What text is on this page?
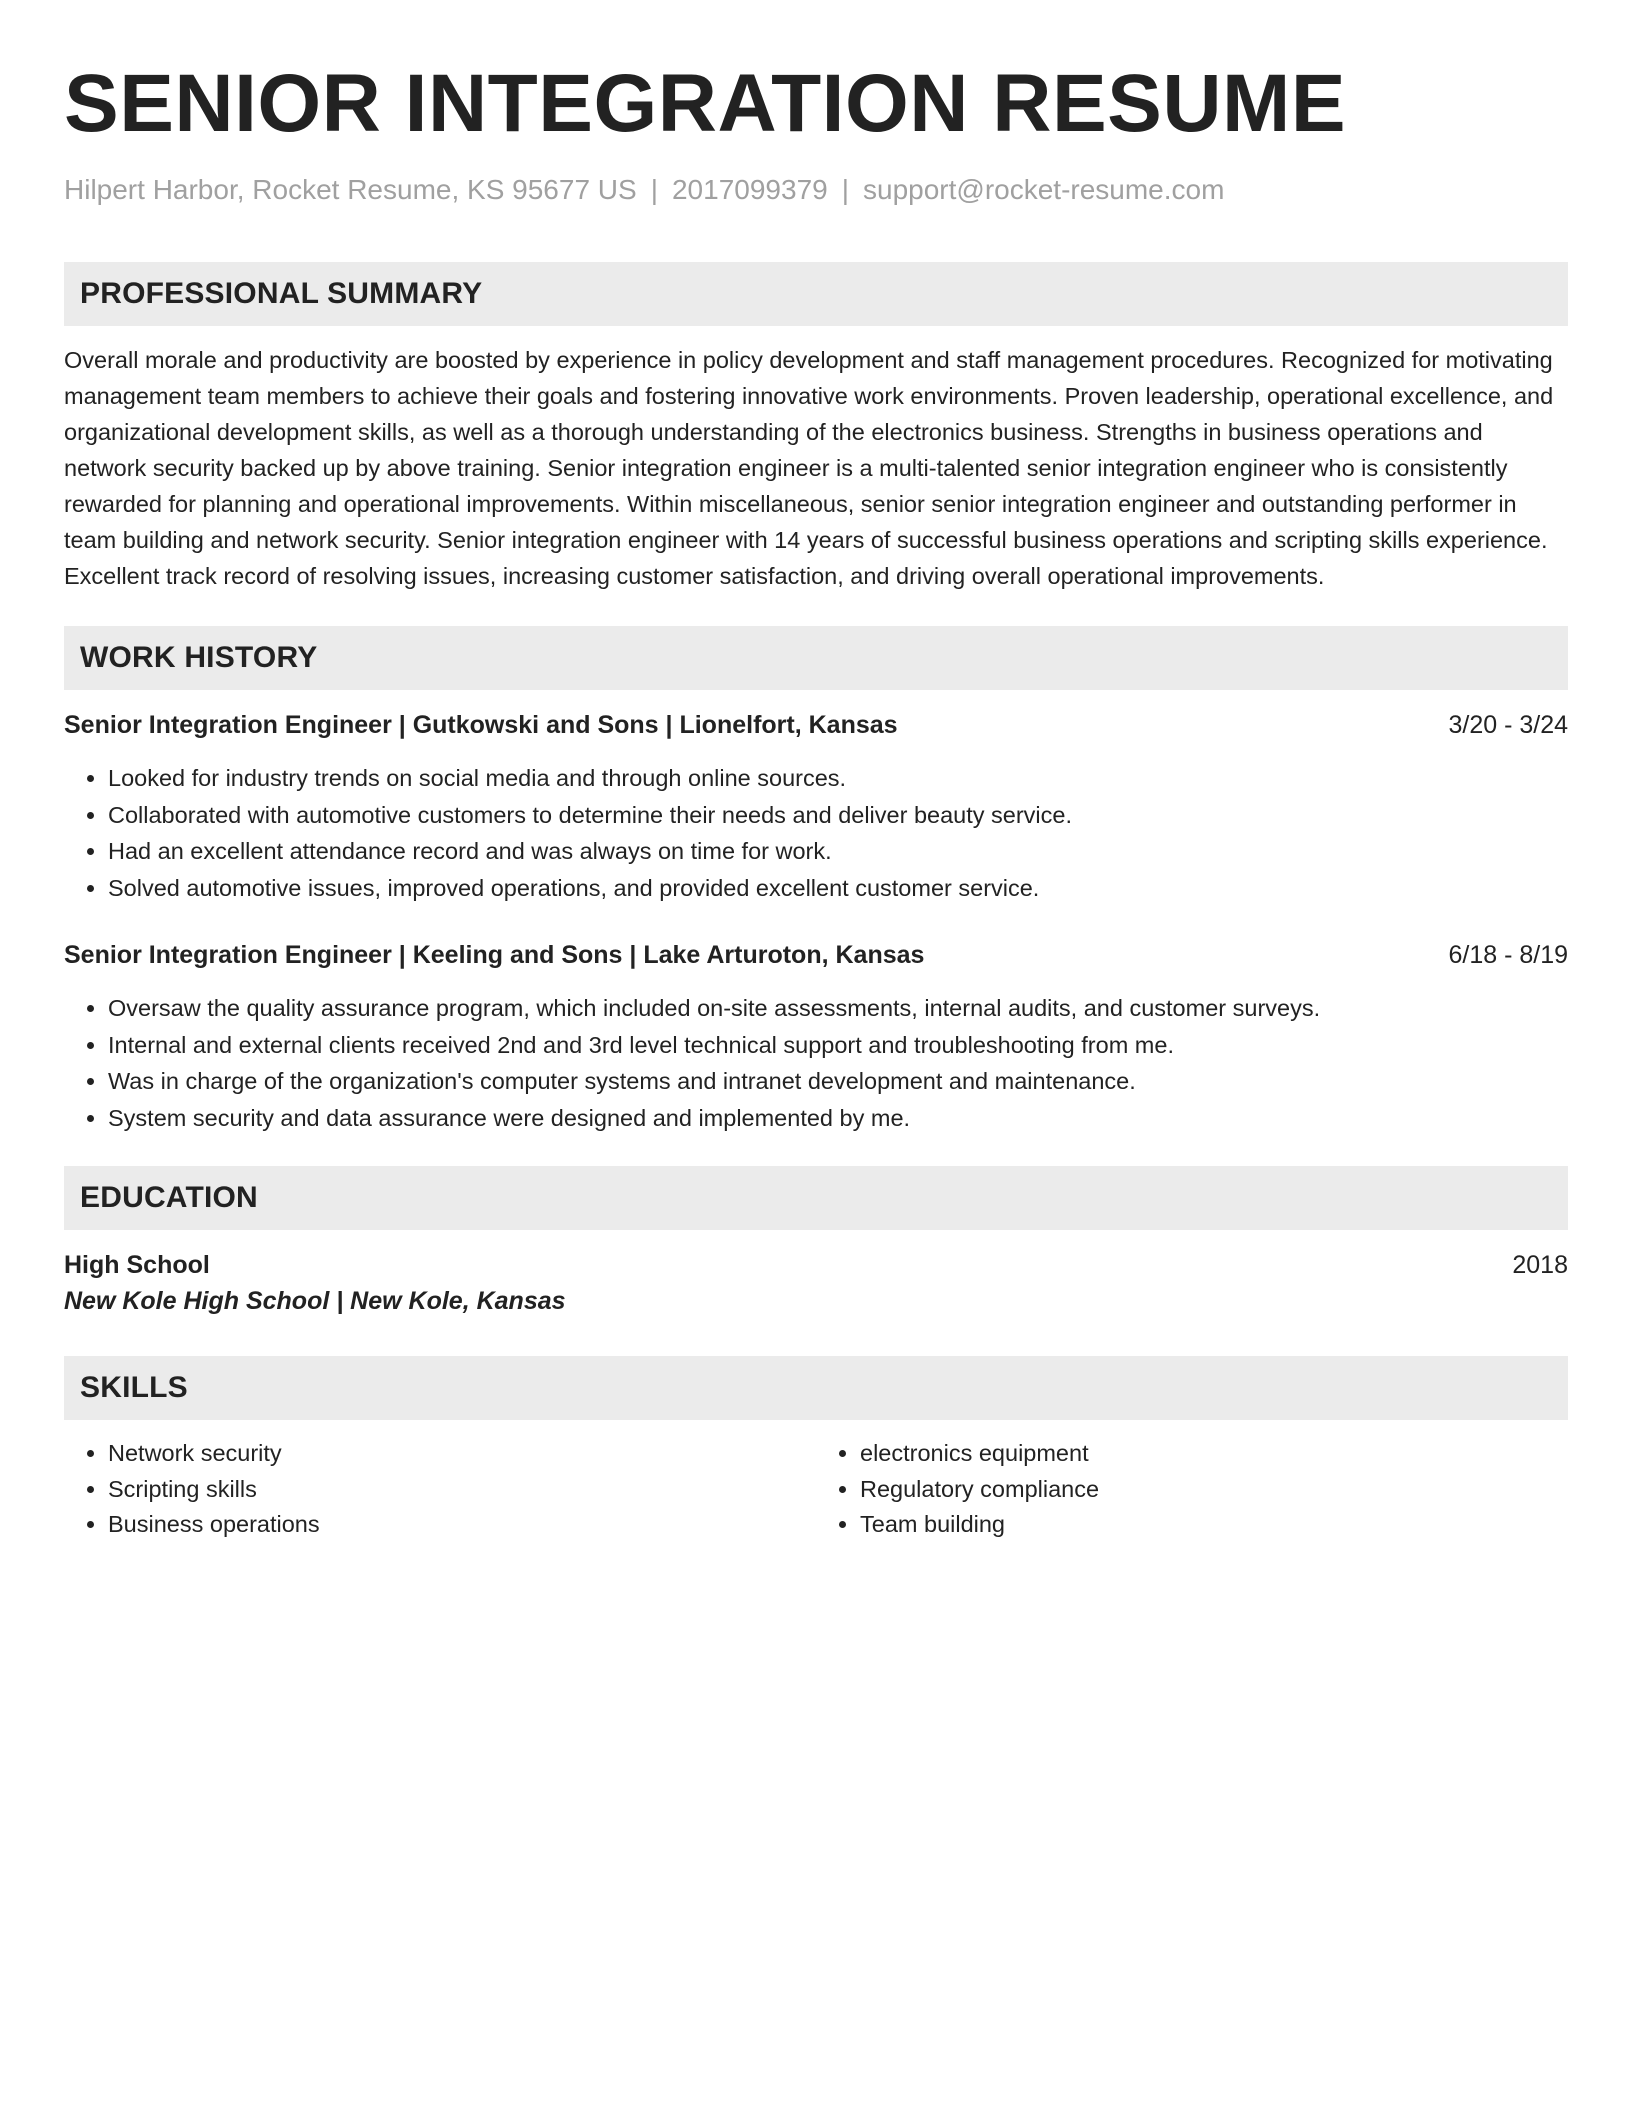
SENIOR INTEGRATION RESUME
Hilpert Harbor, Rocket Resume, KS 95677 US | 2017099379 | support@rocket-resume.com
PROFESSIONAL SUMMARY

Overall morale and productivity are boosted by experience in policy development and staff management procedures. Recognized for motivating management team members to achieve their goals and fostering innovative work environments. Proven leadership, operational excellence, and organizational development skills, as well as a thorough understanding of the electronics business. Strengths in business operations and network security backed up by above training. Senior integration engineer is a multi-talented senior integration engineer who is consistently rewarded for planning and operational improvements. Within miscellaneous, senior senior integration engineer and outstanding performer in team building and network security. Senior integration engineer with 14 years of successful business operations and scripting skills experience. Excellent track record of resolving issues, increasing customer satisfaction, and driving overall operational improvements.

WORK HISTORY
Senior Integration Engineer | Gutkowski and Sons | Lionelfort, Kansas	3/20 - 3/24
• Looked for industry trends on social media and through online sources.
• Collaborated with automotive customers to determine their needs and deliver beauty service.
• Had an excellent attendance record and was always on time for work.
• Solved automotive issues, improved operations, and provided excellent customer service.
Senior Integration Engineer | Keeling and Sons | Lake Arturoton, Kansas	6/18 - 8/19
• Oversaw the quality assurance program, which included on-site assessments, internal audits, and customer surveys.
• Internal and external clients received 2nd and 3rd level technical support and troubleshooting from me.
• Was in charge of the organization's computer systems and intranet development and maintenance.
• System security and data assurance were designed and implemented by me.
EDUCATION
High School	2018
New Kole High School | New Kole, Kansas
SKILLS
• Network security
• Scripting skills
• Business operations
• electronics equipment
• Regulatory compliance
• Team building
